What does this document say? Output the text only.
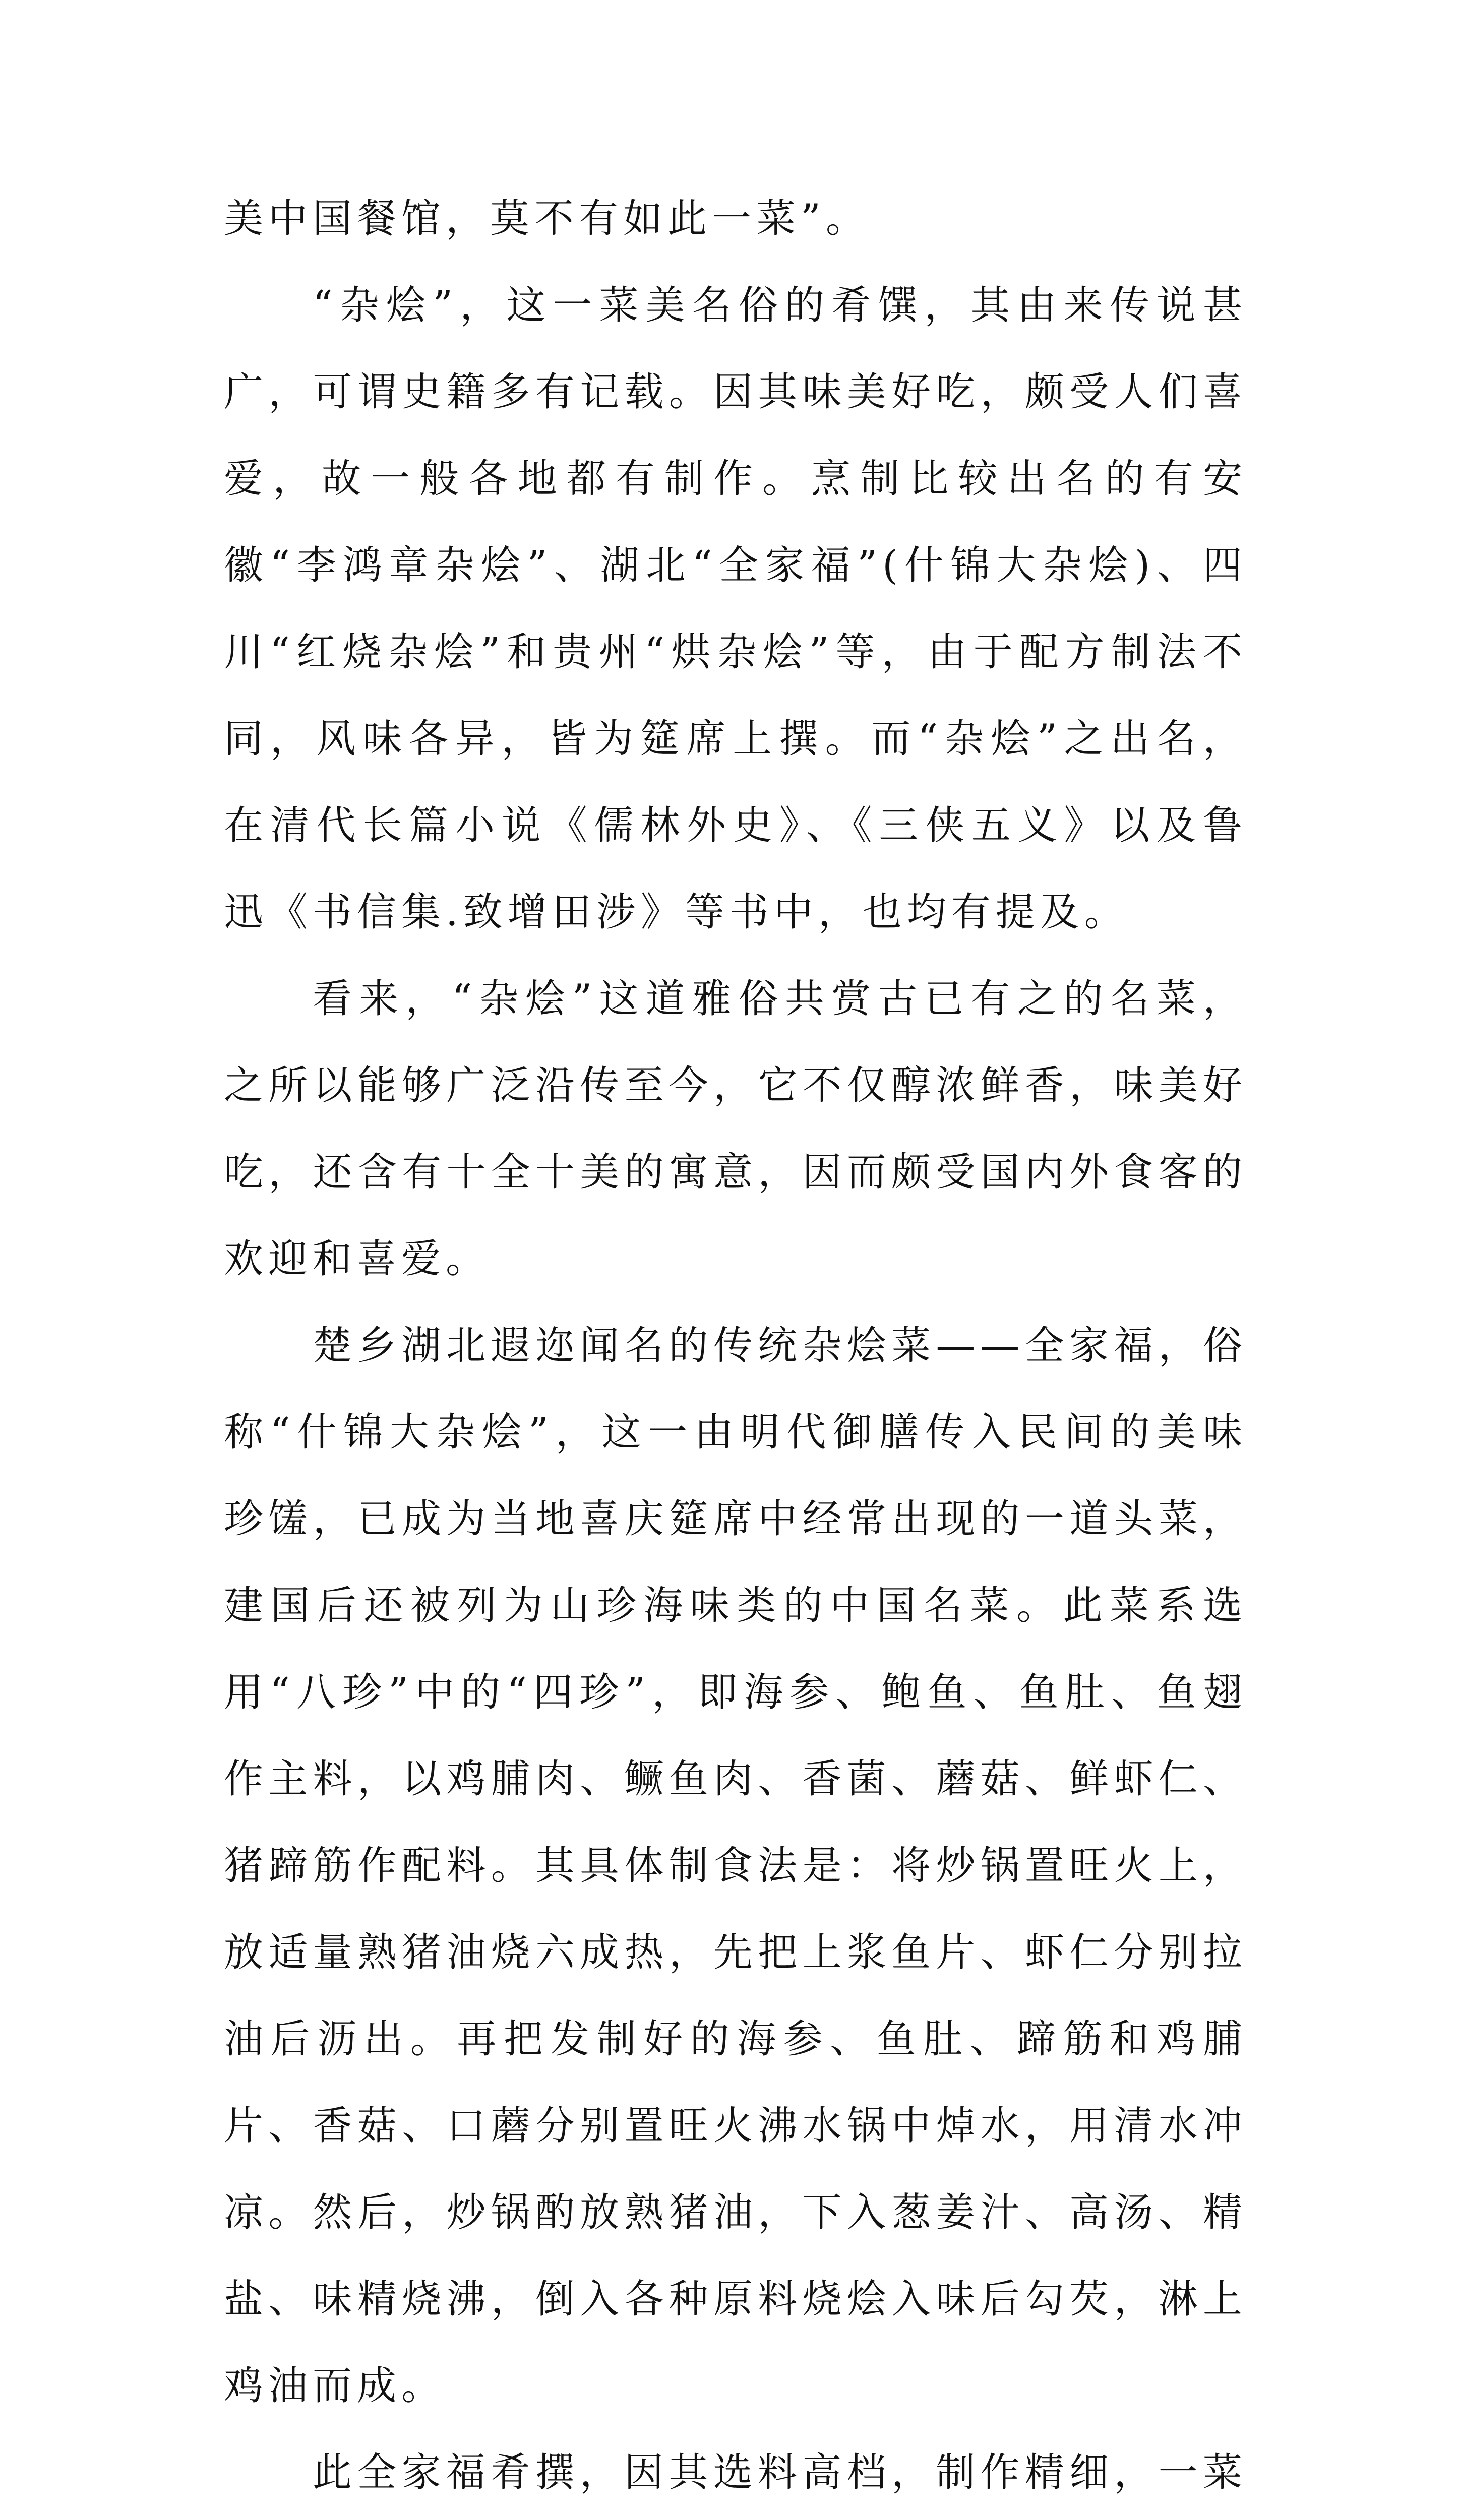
美中国餐馆，莫不有如此一菜”。

“杂烩”，这一菜美名俗的肴馔，其由来传说甚广，可谓史籍多有记载。因其味美好吃，颇受人们喜爱，故一般各地都有制作。烹制比较出名的有安徽“李鸿章杂烩”、湖北“全家福”(什锦大杂烩)、四川“红烧杂烩”和贵州“烘杂烩”等，由于配方制法不同，风味各异，皆为筵席上撰。而“杂烩”之出名，在清代长篇小说《儒林外史》、《三侠五义》以及鲁迅《书信集.致增田涉》等书中，也均有提及。

看来，“杂烩”这道雅俗共赏古已有之的名菜，之所以能够广泛沿传至今，它不仅醇浓鲜香，味美好吃，还含有十全十美的寓意，因而颇受国内外食客的欢迎和喜爱。

楚乡湖北遐迩闻名的传统杂烩菜——全家福，俗称“什锦大杂烩”，这一由明代御膳传入民间的美味珍馐，已成为当地喜庆筵席中经常出现的一道头菜，建国后还被列为山珍海味类的中国名菜。此菜系选用“八珍”中的“四珍”，即海参、鲍鱼、鱼肚、鱼翅作主料，以鸡脯肉、鳜鱼肉、香菌、蘑菇、鲜虾仁、猪蹄筋作配料。其具体制食法是：将炒锅置旺火上，放适量熟猪油烧六成热，先把上浆鱼片、虾仁分别拉油后沥出。再把发制好的海参、鱼肚、蹄筋和鸡脯片、香菇、口蘑分别置旺火沸水锅中焯水，用清水冲凉。然后，炒锅酌放熟猪油，下入葱姜汁、高汤、精盐、味精烧沸，倒入各种原料烧烩入味后勾芡，淋上鸡油而成。

此全家福肴撰，因其选料高档，制作精细，一菜
